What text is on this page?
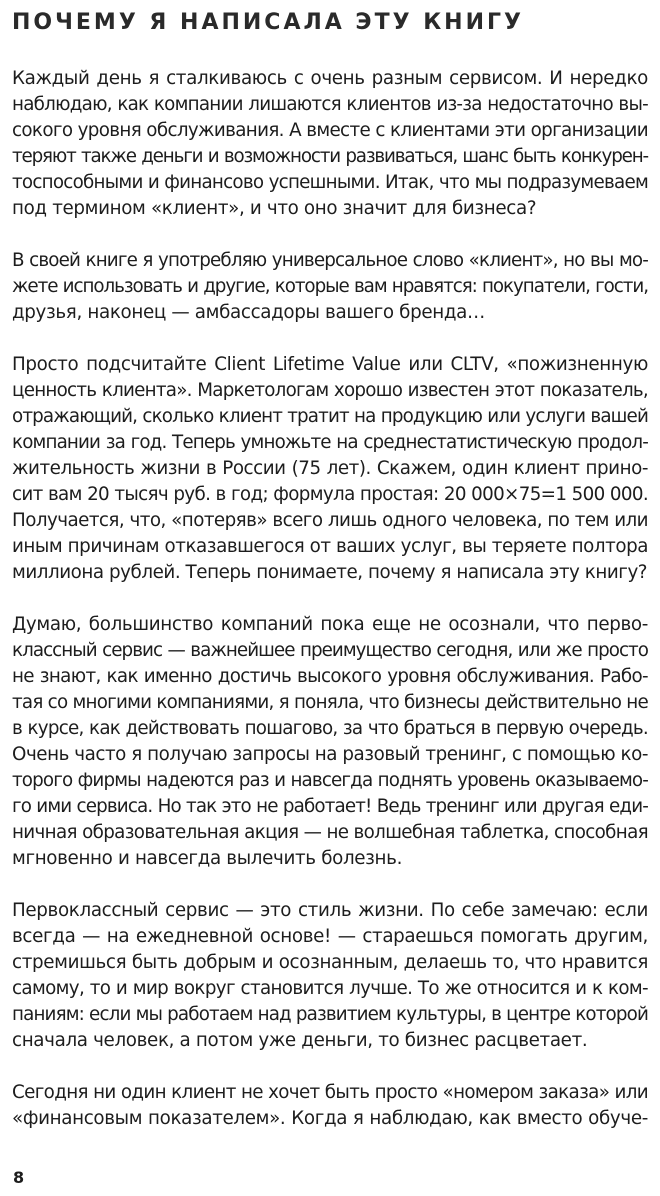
ПОЧЕМУ Я НАПИСАЛА ЭТУ КНИГУ
Каждый день я сталкиваюсь с очень разным сервисом. И нередко
наблюдаю, как компании лишаются клиентов из-за недостаточно вы-
сокого уровня обслуживания. А вместе с клиентами эти организации
теряют также деньги и возможности развиваться, шанс быть конкурен-
тоспособными и финансово успешными. Итак, что мы подразумеваем
под термином «клиент», и что оно значит для бизнеса?
В своей книге я употребляю универсальное слово «клиент», но вы мо-
жете использовать и другие, которые вам нравятся: покупатели, гости,
друзья, наконец — амбассадоры вашего бренда…
Просто подсчитайте Client Lifetime Value или CLTV, «пожизненную
ценность клиента». Маркетологам хорошо известен этот показатель,
отражающий, сколько клиент тратит на продукцию или услуги вашей
компании за год. Теперь умножьте на среднестатистическую продол-
жительность жизни в России (75 лет). Скажем, один клиент прино-
сит вам 20 тысяч руб. в год; формула простая: 20 000×75=1 500 000.
Получается, что, «потеряв» всего лишь одного человека, по тем или
иным причинам отказавшегося от ваших услуг, вы теряете полтора
миллиона рублей. Теперь понимаете, почему я написала эту книгу?
Думаю, большинство компаний пока еще не осознали, что перво-
классный сервис — важнейшее преимущество сегодня, или же просто
не знают, как именно достичь высокого уровня обслуживания. Рабо-
тая со многими компаниями, я поняла, что бизнесы действительно не
в курсе, как действовать пошагово, за что браться в первую очередь.
Очень часто я получаю запросы на разовый тренинг, с помощью ко-
торого фирмы надеются раз и навсегда поднять уровень оказываемо-
го ими сервиса. Но так это не работает! Ведь тренинг или другая еди-
ничная образовательная акция — не волшебная таблетка, способная
мгновенно и навсегда вылечить болезнь.
Первоклассный сервис — это стиль жизни. По себе замечаю: если
всегда — на ежедневной основе! — стараешься помогать другим,
стремишься быть добрым и осознанным, делаешь то, что нравится
самому, то и мир вокруг становится лучше. То же относится и к ком-
паниям: если мы работаем над развитием культуры, в центре которой
сначала человек, а потом уже деньги, то бизнес расцветает.
Сегодня ни один клиент не хочет быть просто «номером заказа» или
«финансовым показателем». Когда я наблюдаю, как вместо обуче-
8
